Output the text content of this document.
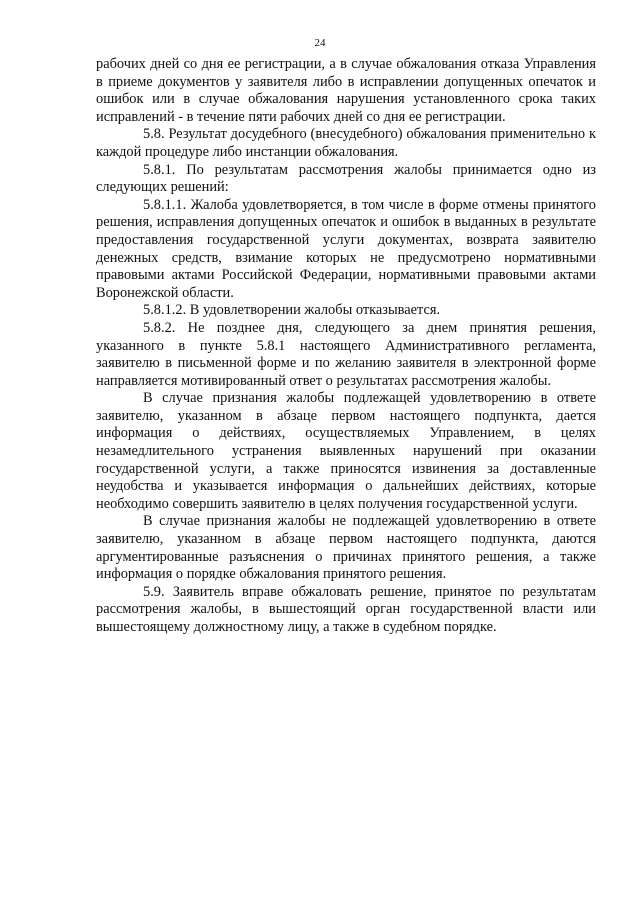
24

рабочих дней со дня ее регистрации, а в случае обжалования отказа Управления в приеме документов у заявителя либо в исправлении допущенных опечаток и ошибок или в случае обжалования нарушения установленного срока таких исправлений - в течение пяти рабочих дней со дня ее регистрации.

5.8. Результат досудебного (внесудебного) обжалования применительно к каждой процедуре либо инстанции обжалования.

5.8.1. По результатам рассмотрения жалобы принимается одно из следующих решений:

5.8.1.1. Жалоба удовлетворяется, в том числе в форме отмены принятого решения, исправления допущенных опечаток и ошибок в выданных в результате предоставления государственной услуги документах, возврата заявителю денежных средств, взимание которых не предусмотрено нормативными правовыми актами Российской Федерации, нормативными правовыми актами Воронежской области.

5.8.1.2. В удовлетворении жалобы отказывается.

5.8.2. Не позднее дня, следующего за днем принятия решения, указанного в пункте 5.8.1 настоящего Административного регламента, заявителю в письменной форме и по желанию заявителя в электронной форме направляется мотивированный ответ о результатах рассмотрения жалобы.

В случае признания жалобы подлежащей удовлетворению в ответе заявителю, указанном в абзаце первом настоящего подпункта, дается информация о действиях, осуществляемых Управлением, в целях незамедлительного устранения выявленных нарушений при оказании государственной услуги, а также приносятся извинения за доставленные неудобства и указывается информация о дальнейших действиях, которые необходимо совершить заявителю в целях получения государственной услуги.

В случае признания жалобы не подлежащей удовлетворению в ответе заявителю, указанном в абзаце первом настоящего подпункта, даются аргументированные разъяснения о причинах принятого решения, а также информация о порядке обжалования принятого решения.

5.9. Заявитель вправе обжаловать решение, принятое по результатам рассмотрения жалобы, в вышестоящий орган государственной власти или вышестоящему должностному лицу, а также в судебном порядке.
